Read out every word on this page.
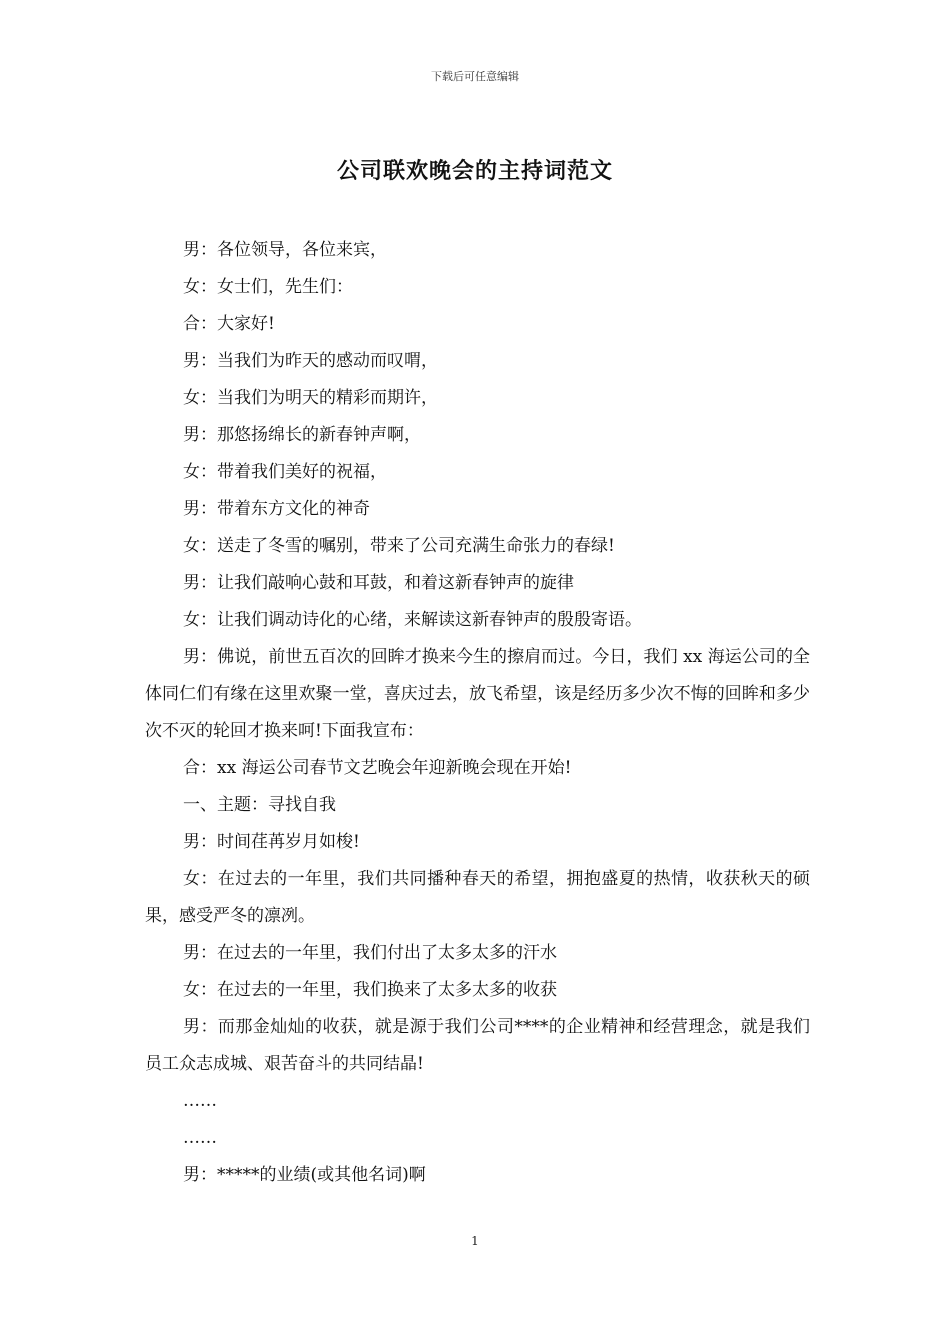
下载后可任意编辑
公司联欢晚会的主持词范文

男：各位领导，各位来宾，

女：女士们，先生们：

合：大家好!

男：当我们为昨天的感动而叹喟，

女：当我们为明天的精彩而期许，

男：那悠扬绵长的新春钟声啊，

女：带着我们美好的祝福，

男：带着东方文化的神奇

女：送走了冬雪的嘱别，带来了公司充满生命张力的春绿!

男：让我们敲响心鼓和耳鼓，和着这新春钟声的旋律

女：让我们调动诗化的心绪，来解读这新春钟声的殷殷寄语。

男：佛说，前世五百次的回眸才换来今生的擦肩而过。今日，我们 xx 海运公司的全体同仁们有缘在这里欢聚一堂，喜庆过去，放飞希望，该是经历多少次不悔的回眸和多少次不灭的轮回才换来呵!下面我宣布：

合：xx 海运公司春节文艺晚会年迎新晚会现在开始!

一、主题：寻找自我

男：时间荏苒岁月如梭!

女：在过去的一年里，我们共同播种春天的希望，拥抱盛夏的热情，收获秋天的硕果，感受严冬的凛冽。

男：在过去的一年里，我们付出了太多太多的汗水

女：在过去的一年里，我们换来了太多太多的收获

男：而那金灿灿的收获，就是源于我们公司****的企业精神和经营理念，就是我们员工众志成城、艰苦奋斗的共同结晶!

……

……

男：*****的业绩(或其他名词)啊

1
